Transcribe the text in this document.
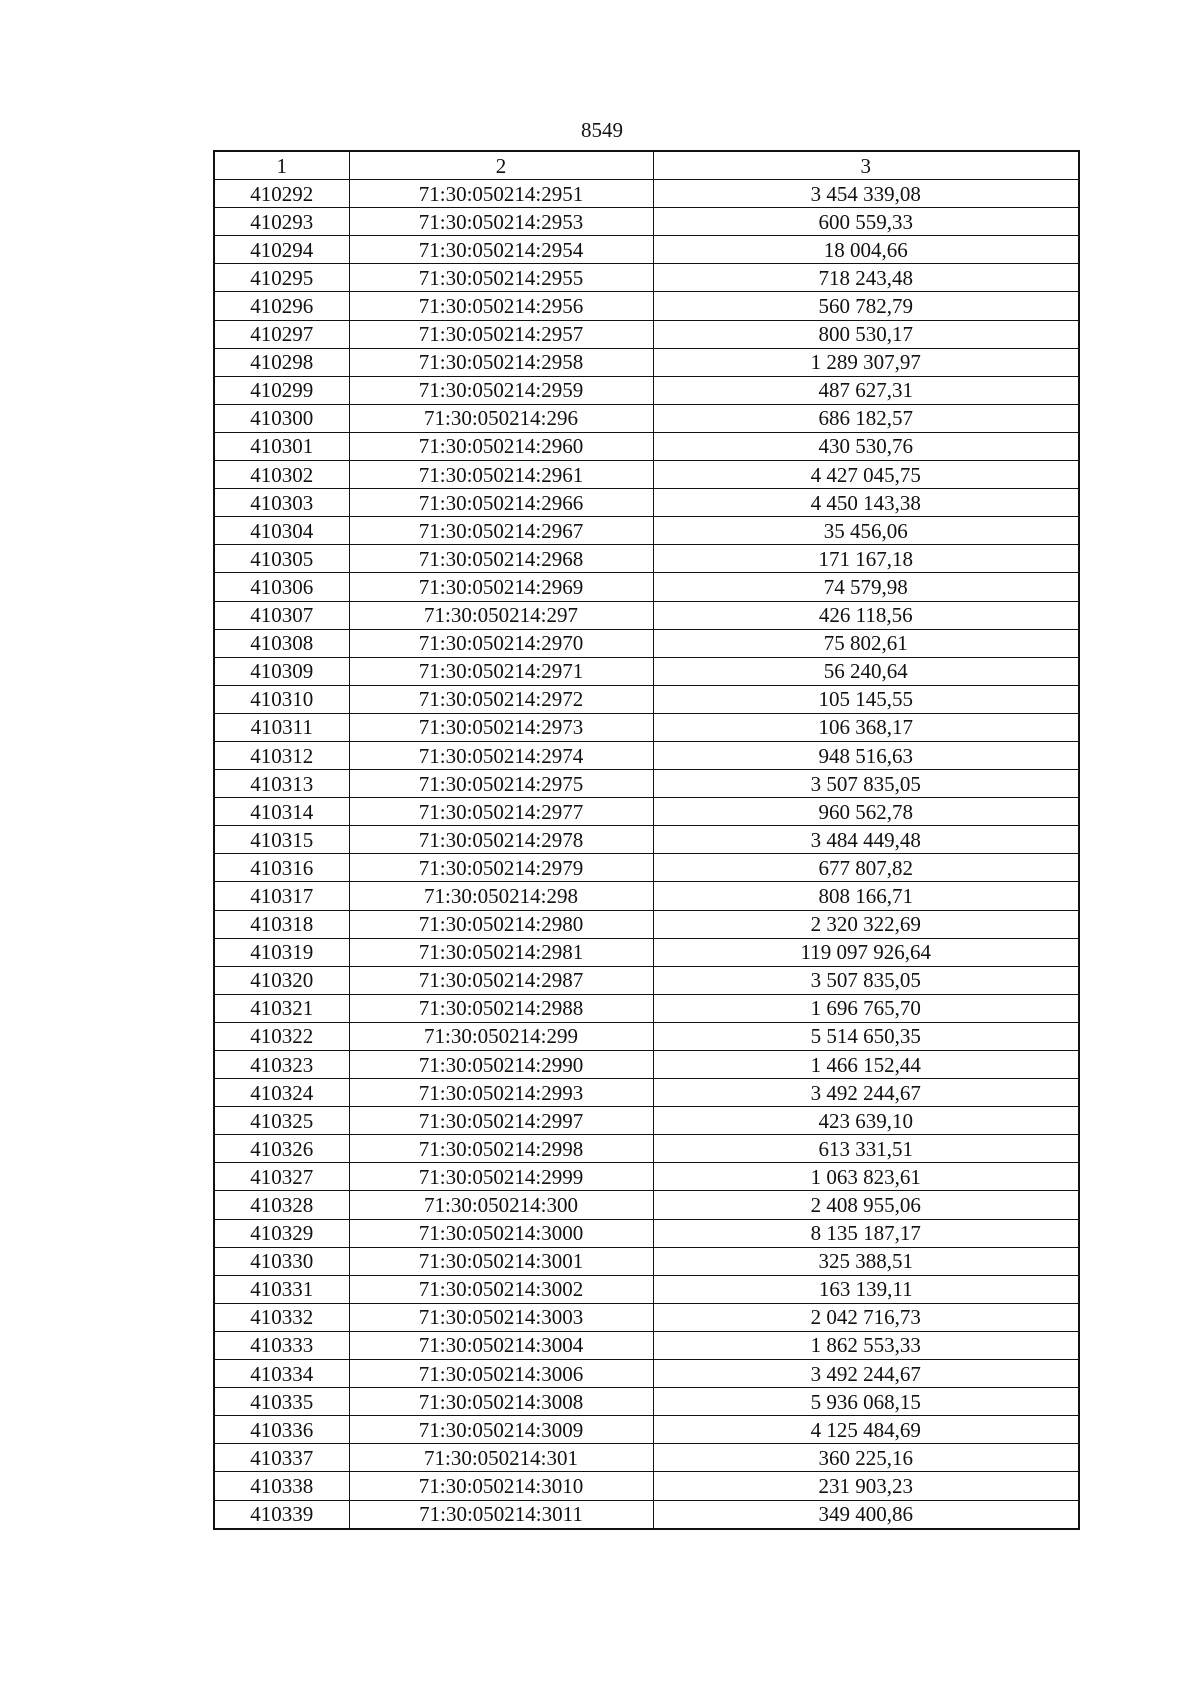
8549
1	2	3
410292	71:30:050214:2951	3 454 339,08
410293	71:30:050214:2953	600 559,33
410294	71:30:050214:2954	18 004,66
410295	71:30:050214:2955	718 243,48
410296	71:30:050214:2956	560 782,79
410297	71:30:050214:2957	800 530,17
410298	71:30:050214:2958	1 289 307,97
410299	71:30:050214:2959	487 627,31
410300	71:30:050214:296	686 182,57
410301	71:30:050214:2960	430 530,76
410302	71:30:050214:2961	4 427 045,75
410303	71:30:050214:2966	4 450 143,38
410304	71:30:050214:2967	35 456,06
410305	71:30:050214:2968	171 167,18
410306	71:30:050214:2969	74 579,98
410307	71:30:050214:297	426 118,56
410308	71:30:050214:2970	75 802,61
410309	71:30:050214:2971	56 240,64
410310	71:30:050214:2972	105 145,55
410311	71:30:050214:2973	106 368,17
410312	71:30:050214:2974	948 516,63
410313	71:30:050214:2975	3 507 835,05
410314	71:30:050214:2977	960 562,78
410315	71:30:050214:2978	3 484 449,48
410316	71:30:050214:2979	677 807,82
410317	71:30:050214:298	808 166,71
410318	71:30:050214:2980	2 320 322,69
410319	71:30:050214:2981	119 097 926,64
410320	71:30:050214:2987	3 507 835,05
410321	71:30:050214:2988	1 696 765,70
410322	71:30:050214:299	5 514 650,35
410323	71:30:050214:2990	1 466 152,44
410324	71:30:050214:2993	3 492 244,67
410325	71:30:050214:2997	423 639,10
410326	71:30:050214:2998	613 331,51
410327	71:30:050214:2999	1 063 823,61
410328	71:30:050214:300	2 408 955,06
410329	71:30:050214:3000	8 135 187,17
410330	71:30:050214:3001	325 388,51
410331	71:30:050214:3002	163 139,11
410332	71:30:050214:3003	2 042 716,73
410333	71:30:050214:3004	1 862 553,33
410334	71:30:050214:3006	3 492 244,67
410335	71:30:050214:3008	5 936 068,15
410336	71:30:050214:3009	4 125 484,69
410337	71:30:050214:301	360 225,16
410338	71:30:050214:3010	231 903,23
410339	71:30:050214:3011	349 400,86
